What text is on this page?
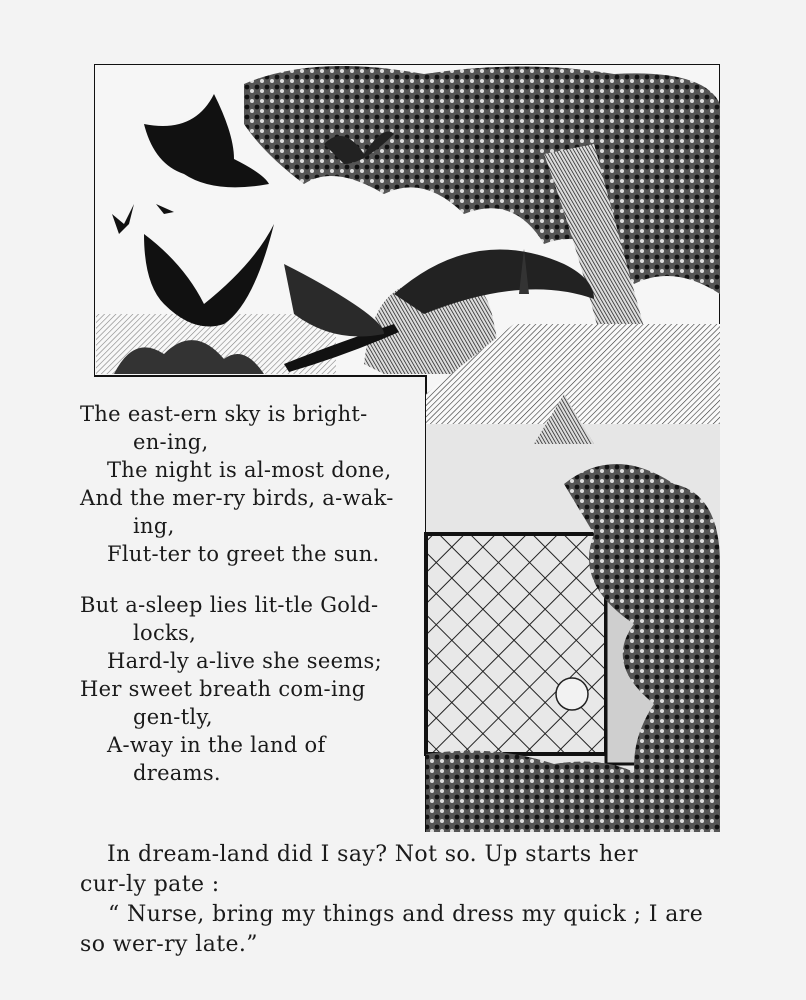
The east-ern sky is bright-
en-ing,
The night is al-most done,
And the mer-ry birds, a-wak-
ing,
Flut-ter to greet the sun.
But a-sleep lies lit-tle Gold-
locks,
Hard-ly a-live she seems;
Her sweet breath com-ing
gen-tly,
A-way in the land of
dreams.
In dream-land did I say? Not so. Up starts her
cur-ly pate :
“ Nurse, bring my things and dress my quick ; I are
so wer-ry late.”
